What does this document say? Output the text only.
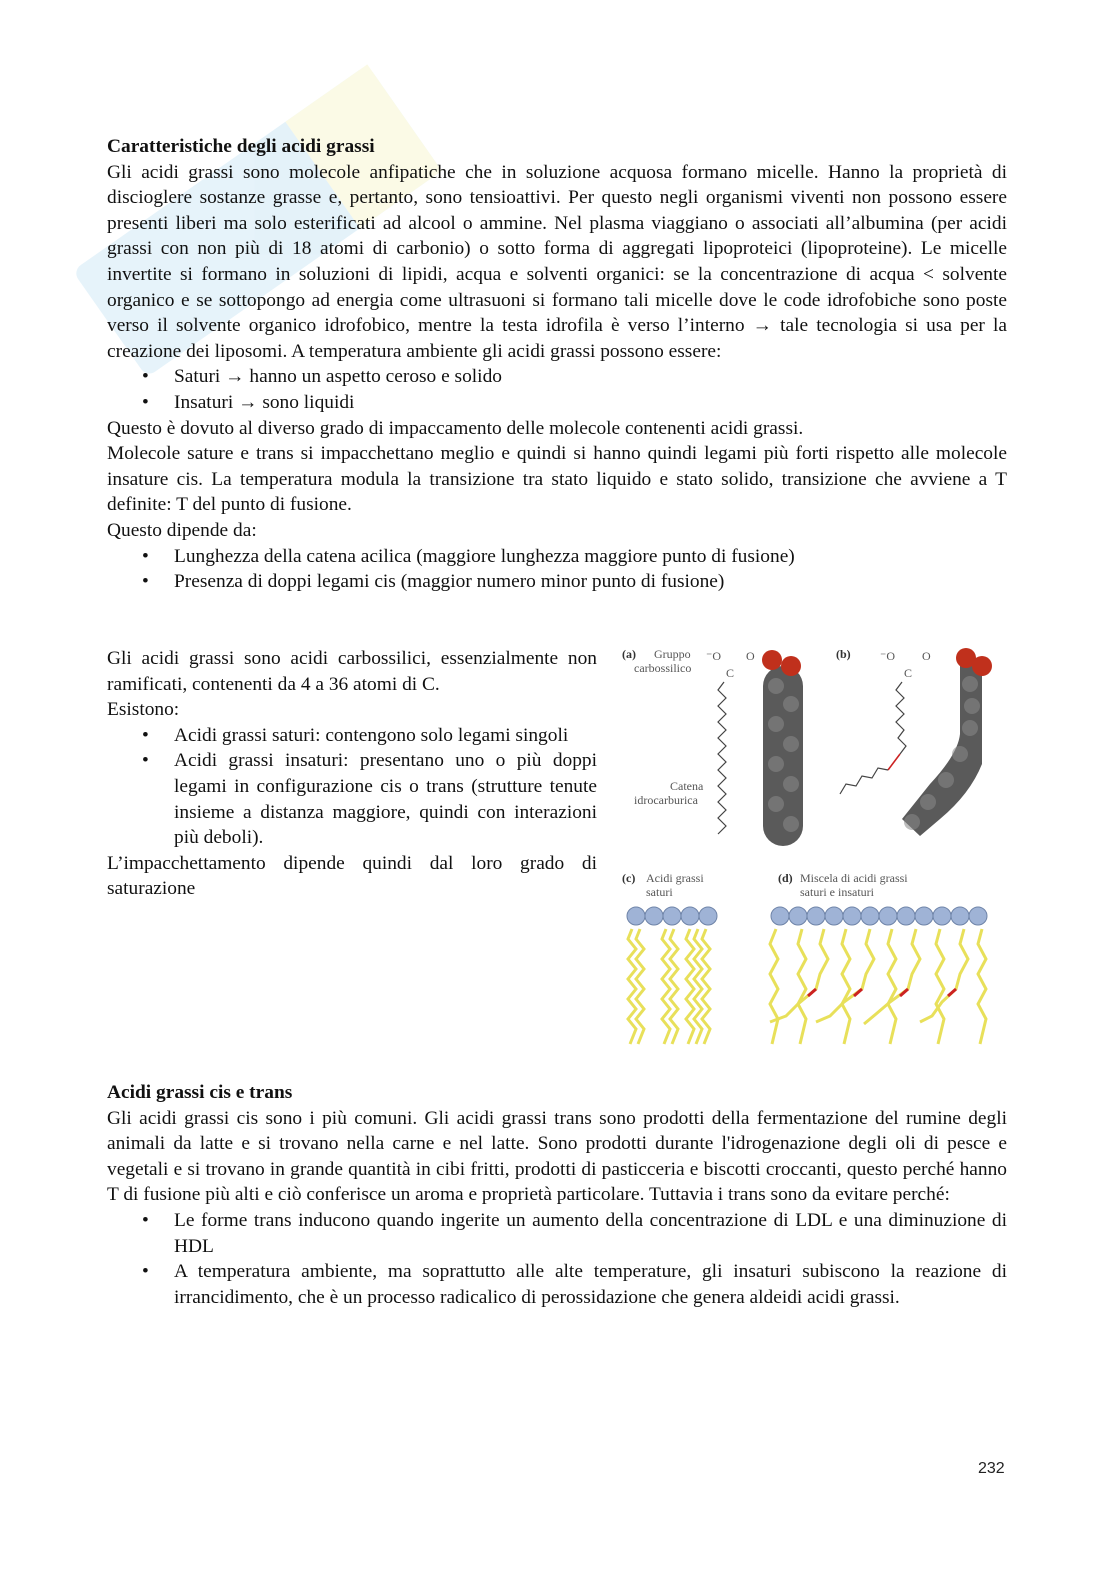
Caratteristiche degli acidi grassi

Gli acidi grassi sono molecole anfipatiche che in soluzione acquosa formano micelle. Hanno la proprietà di discioglere sostanze grasse e, pertanto, sono tensioattivi. Per questo negli organismi viventi non possono essere presenti liberi ma solo esterificati ad alcool o ammine. Nel plasma viaggiano o associati all’albumina (per acidi grassi con non più di 18 atomi di carbonio) o sotto forma di aggregati lipoproteici (lipoproteine). Le micelle invertite si formano in soluzioni di lipidi, acqua e solventi organici: se la concentrazione di acqua < solvente organico e se sottopongo ad energia come ultrasuoni si formano tali micelle dove le code idrofobiche sono poste verso il solvente organico idrofobico, mentre la testa idrofila è verso l’interno → tale tecnologia si usa per la creazione dei liposomi. A temperatura ambiente gli acidi grassi possono essere:

• Saturi → hanno un aspetto ceroso e solido
• Insaturi → sono liquidi

Questo è dovuto al diverso grado di impaccamento delle molecole contenenti acidi grassi.

Molecole sature e trans si impacchettano meglio e quindi si hanno quindi legami più forti rispetto alle molecole insature cis. La temperatura modula la transizione tra stato liquido e stato solido, transizione che avviene a T definite: T del punto di fusione.

Questo dipende da:

• Lunghezza della catena acilica (maggiore lunghezza maggiore punto di fusione)
• Presenza di doppi legami cis (maggior numero minor punto di fusione)

Gli acidi grassi sono acidi carbossilici, essenzialmente non ramificati, contenenti da 4 a 36 atomi di C.

Esistono:

• Acidi grassi saturi: contengono solo legami singoli
• Acidi grassi insaturi: presentano uno o più doppi legami in configurazione cis o trans (strutture tenute insieme a distanza maggiore, quindi con interazioni più deboli).

L’impacchettamento dipende quindi dal loro grado di saturazione

(a) Gruppo
carbossilico
⁻O O
C
Catena
idrocarburica
(b) ⁻O O
C
(c) Acidi grassi
saturi
(d) Miscela di acidi grassi
saturi e insaturi
Acidi grassi cis e trans

Gli acidi grassi cis sono i più comuni. Gli acidi grassi trans sono prodotti della fermentazione del rumine degli animali da latte e si trovano nella carne e nel latte. Sono prodotti durante l'idrogenazione degli oli di pesce e vegetali e si trovano in grande quantità in cibi fritti, prodotti di pasticceria e biscotti croccanti, questo perché hanno T di fusione più alti e ciò conferisce un aroma e proprietà particolare. Tuttavia i trans sono da evitare perché:

• Le forme trans inducono quando ingerite un aumento della concentrazione di LDL e una diminuzione di HDL
• A temperatura ambiente, ma soprattutto alle alte temperature, gli insaturi subiscono la reazione di irrancidimento, che è un processo radicalico di perossidazione che genera aldeidi acidi grassi.
232
